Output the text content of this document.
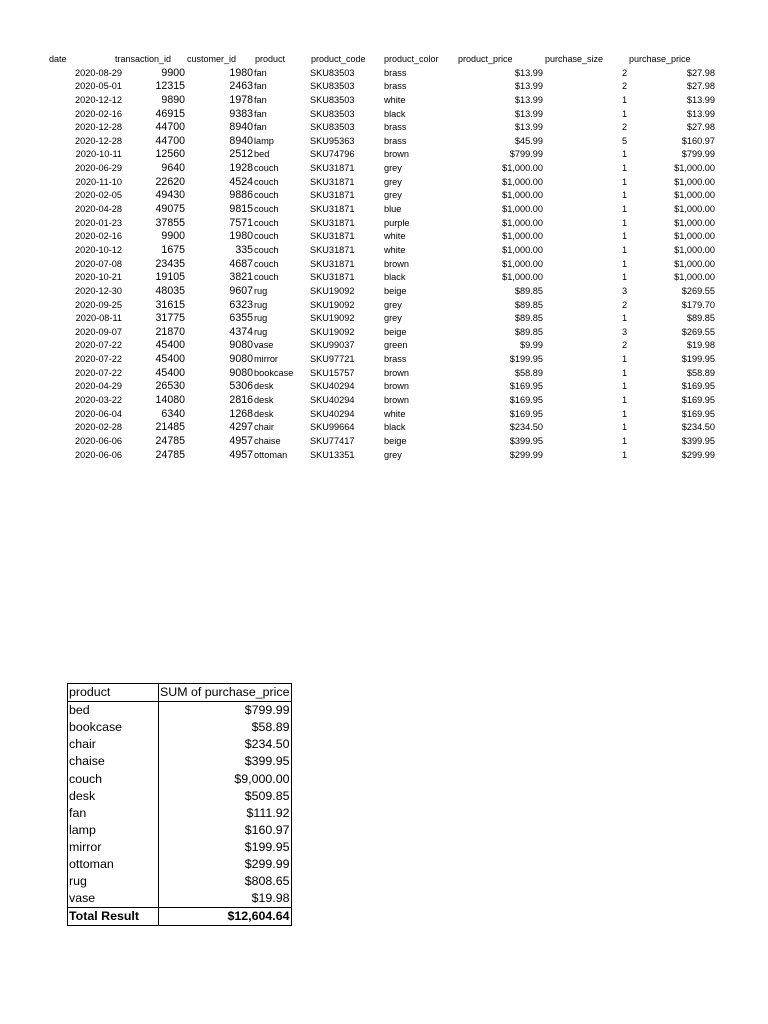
date	transaction_id	customer_id	product	product_code	product_color	product_price	purchase_size	purchase_price
2020-08-29	9900	1980 fan	SKU83503	brass	$13.99	2	$27.98
2020-05-01	12315	2463 fan	SKU83503	brass	$13.99	2	$27.98
2020-12-12	9890	1978 fan	SKU83503	white	$13.99	1	$13.99
2020-02-16	46915	9383 fan	SKU83503	black	$13.99	1	$13.99
2020-12-28	44700	8940 fan	SKU83503	brass	$13.99	2	$27.98
2020-12-28	44700	8940 lamp	SKU95363	brass	$45.99	5	$160.97
2020-10-11	12560	2512 bed	SKU74796	brown	$799.99	1	$799.99
2020-06-29	9640	1928 couch	SKU31871	grey	$1,000.00	1	$1,000.00
2020-11-10	22620	4524 couch	SKU31871	grey	$1,000.00	1	$1,000.00
2020-02-05	49430	9886 couch	SKU31871	grey	$1,000.00	1	$1,000.00
2020-04-28	49075	9815 couch	SKU31871	blue	$1,000.00	1	$1,000.00
2020-01-23	37855	7571 couch	SKU31871	purple	$1,000.00	1	$1,000.00
2020-02-16	9900	1980 couch	SKU31871	white	$1,000.00	1	$1,000.00
2020-10-12	1675	335 couch	SKU31871	white	$1,000.00	1	$1,000.00
2020-07-08	23435	4687 couch	SKU31871	brown	$1,000.00	1	$1,000.00
2020-10-21	19105	3821 couch	SKU31871	black	$1,000.00	1	$1,000.00
2020-12-30	48035	9607 rug	SKU19092	beige	$89.85	3	$269.55
2020-09-25	31615	6323 rug	SKU19092	grey	$89.85	2	$179.70
2020-08-11	31775	6355 rug	SKU19092	grey	$89.85	1	$89.85
2020-09-07	21870	4374 rug	SKU19092	beige	$89.85	3	$269.55
2020-07-22	45400	9080 vase	SKU99037	green	$9.99	2	$19.98
2020-07-22	45400	9080 mirror	SKU97721	brass	$199.95	1	$199.95
2020-07-22	45400	9080 bookcase	SKU15757	brown	$58.89	1	$58.89
2020-04-29	26530	5306 desk	SKU40294	brown	$169.95	1	$169.95
2020-03-22	14080	2816 desk	SKU40294	brown	$169.95	1	$169.95
2020-06-04	6340	1268 desk	SKU40294	white	$169.95	1	$169.95
2020-02-28	21485	4297 chair	SKU99664	black	$234.50	1	$234.50
2020-06-06	24785	4957 chaise	SKU77417	beige	$399.95	1	$399.95
2020-06-06	24785	4957 ottoman	SKU13351	grey	$299.99	1	$299.99
product	SUM of purchase_price
bed	$799.99
bookcase	$58.89
chair	$234.50
chaise	$399.95
couch	$9,000.00
desk	$509.85
fan	$111.92
lamp	$160.97
mirror	$199.95
ottoman	$299.99
rug	$808.65
vase	$19.98
Total Result	$12,604.64
